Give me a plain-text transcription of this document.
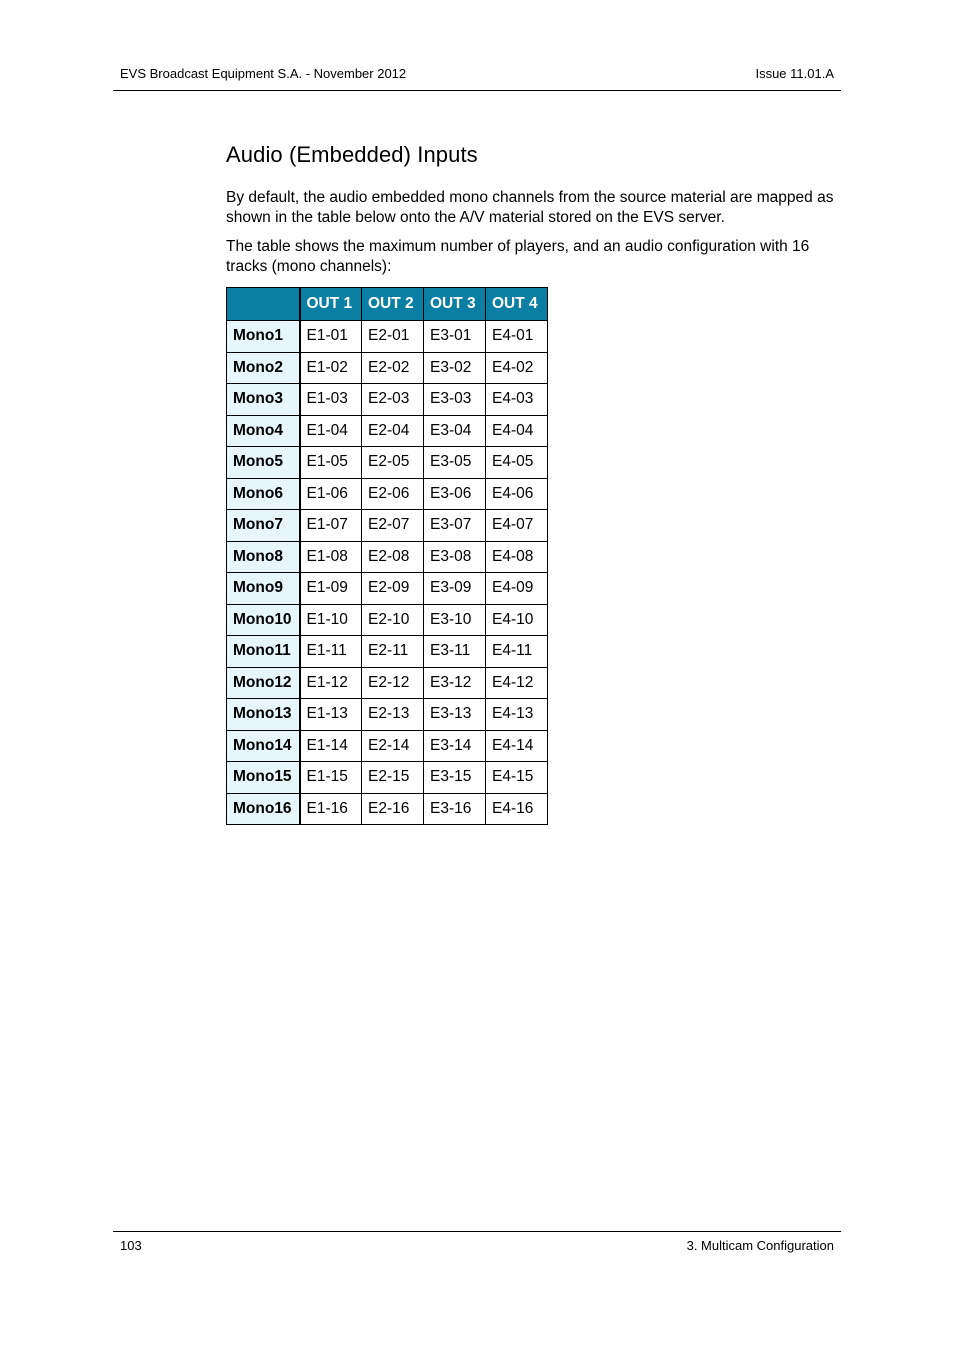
EVS Broadcast Equipment S.A. - November 2012	Issue 11.01.A
Audio (Embedded) Inputs

By default, the audio embedded mono channels from the source material are mapped as shown in the table below onto the A/V material stored on the EVS server.

The table shows the maximum number of players, and an audio configuration with 16 tracks (mono channels):

	OUT 1	OUT 2	OUT 3	OUT 4
Mono1	E1-01	E2-01	E3-01	E4-01
Mono2	E1-02	E2-02	E3-02	E4-02
Mono3	E1-03	E2-03	E3-03	E4-03
Mono4	E1-04	E2-04	E3-04	E4-04
Mono5	E1-05	E2-05	E3-05	E4-05
Mono6	E1-06	E2-06	E3-06	E4-06
Mono7	E1-07	E2-07	E3-07	E4-07
Mono8	E1-08	E2-08	E3-08	E4-08
Mono9	E1-09	E2-09	E3-09	E4-09
Mono10	E1-10	E2-10	E3-10	E4-10
Mono11	E1-11	E2-11	E3-11	E4-11
Mono12	E1-12	E2-12	E3-12	E4-12
Mono13	E1-13	E2-13	E3-13	E4-13
Mono14	E1-14	E2-14	E3-14	E4-14
Mono15	E1-15	E2-15	E3-15	E4-15
Mono16	E1-16	E2-16	E3-16	E4-16
103	3. Multicam Configuration
